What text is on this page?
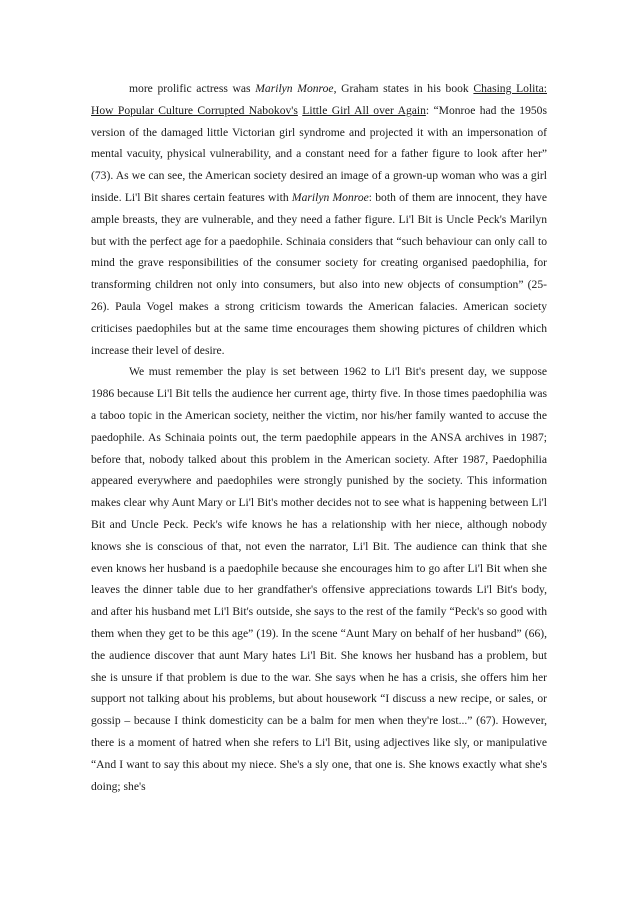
more prolific actress was Marilyn Monroe, Graham states in his book Chasing Lolita: How Popular Culture Corrupted Nabokov's Little Girl All over Again: “Monroe had the 1950s version of the damaged little Victorian girl syndrome and projected it with an impersonation of mental vacuity, physical vulnerability, and a constant need for a father figure to look after her” (73). As we can see, the American society desired an image of a grown-up woman who was a girl inside. Li'l Bit shares certain features with Marilyn Monroe: both of them are innocent, they have ample breasts, they are vulnerable, and they need a father figure. Li'l Bit is Uncle Peck's Marilyn but with the perfect age for a paedophile. Schinaia considers that “such behaviour can only call to mind the grave responsibilities of the consumer society for creating organised paedophilia, for transforming children not only into consumers, but also into new objects of consumption” (25-26). Paula Vogel makes a strong criticism towards the American falacies. American society criticises paedophiles but at the same time encourages them showing pictures of children which increase their level of desire.

We must remember the play is set between 1962 to Li'l Bit's present day, we suppose 1986 because Li'l Bit tells the audience her current age, thirty five. In those times paedophilia was a taboo topic in the American society, neither the victim, nor his/her family wanted to accuse the paedophile. As Schinaia points out, the term paedophile appears in the ANSA archives in 1987; before that, nobody talked about this problem in the American society. After 1987, Paedophilia appeared everywhere and paedophiles were strongly punished by the society. This information makes clear why Aunt Mary or Li'l Bit's mother decides not to see what is happening between Li'l Bit and Uncle Peck. Peck's wife knows he has a relationship with her niece, although nobody knows she is conscious of that, not even the narrator, Li'l Bit. The audience can think that she even knows her husband is a paedophile because she encourages him to go after Li'l Bit when she leaves the dinner table due to her grandfather's offensive appreciations towards Li'l Bit's body, and after his husband met Li'l Bit's outside, she says to the rest of the family “Peck's so good with them when they get to be this age” (19). In the scene “Aunt Mary on behalf of her husband” (66), the audience discover that aunt Mary hates Li'l Bit. She knows her husband has a problem, but she is unsure if that problem is due to the war. She says when he has a crisis, she offers him her support not talking about his problems, but about housework “I discuss a new recipe, or sales, or gossip – because I think domesticity can be a balm for men when they're lost...” (67). However, there is a moment of hatred when she refers to Li'l Bit, using adjectives like sly, or manipulative “And I want to say this about my niece. She's a sly one, that one is. She knows exactly what she's doing; she's
